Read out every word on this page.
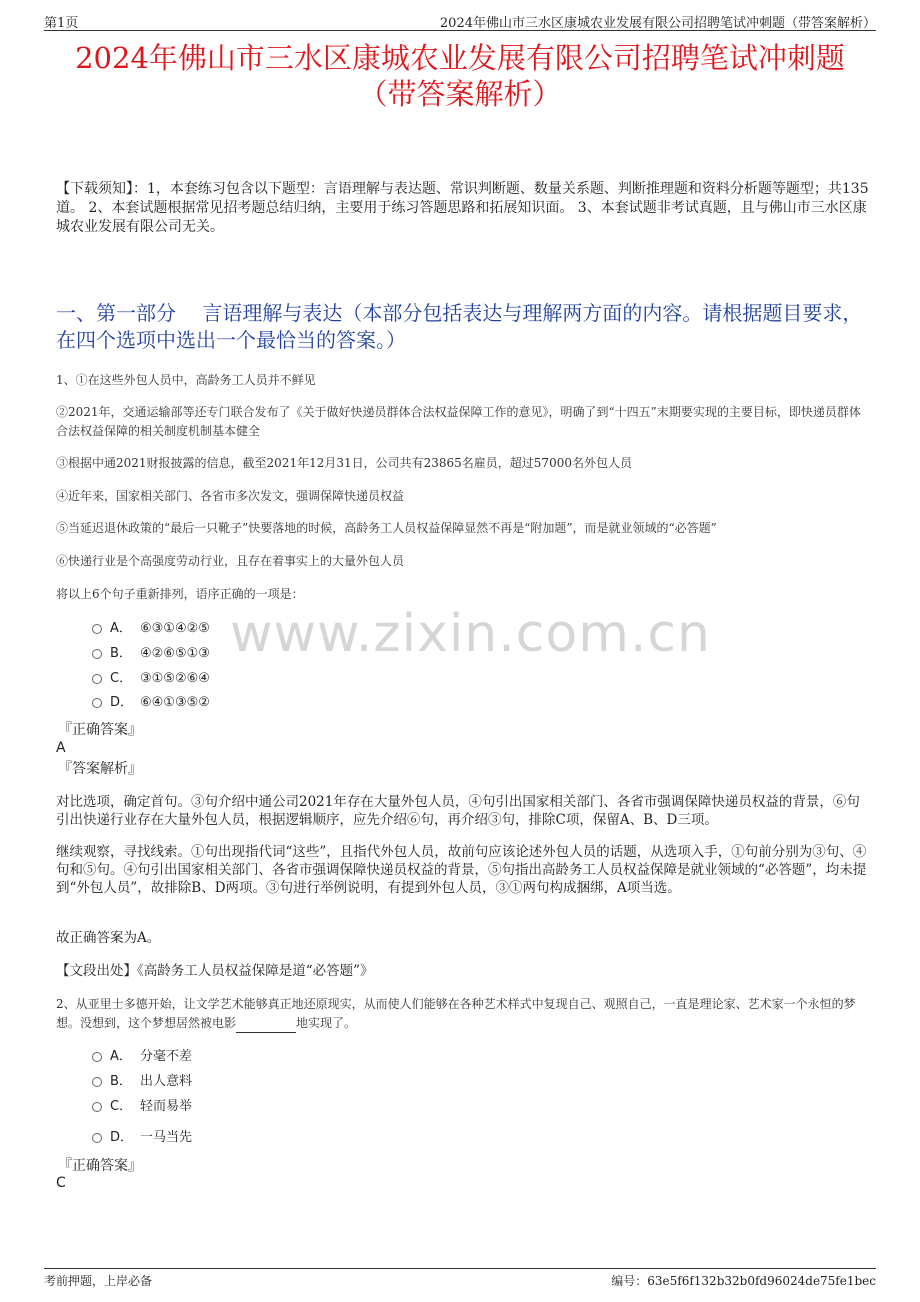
第1页	2024年佛山市三水区康城农业发展有限公司招聘笔试冲刺题（带答案解析）
2024年佛山市三水区康城农业发展有限公司招聘笔试冲刺题
（带答案解析）
【下载须知】：1，本套练习包含以下题型：言语理解与表达题、常识判断题、数量关系题、判断推理题和资料分析题等题型；共135道。 2、本套试题根据常见招考题总结归纳，主要用于练习答题思路和拓展知识面。 3、本套试题非考试真题，且与佛山市三水区康城农业发展有限公司无关。
一、第一部分　 言语理解与表达（本部分包括表达与理解两方面的内容。请根据题目要求，在四个选项中选出一个最恰当的答案。）
1、①在这些外包人员中，高龄务工人员并不鲜见
②2021年，交通运输部等还专门联合发布了《关于做好快递员群体合法权益保障工作的意见》，明确了到“十四五”末期要实现的主要目标，即快递员群体合法权益保障的相关制度机制基本健全
③根据中通2021财报披露的信息，截至2021年12月31日，公司共有23865名雇员，超过57000名外包人员
④近年来，国家相关部门、各省市多次发文，强调保障快递员权益
⑤当延迟退休政策的“最后一只靴子”快要落地的时候，高龄务工人员权益保障显然不再是“附加题”，而是就业领域的“必答题”
⑥快递行业是个高强度劳动行业，且存在着事实上的大量外包人员
将以上6个句子重新排列，语序正确的一项是：
www.zixin.com.cn
A． ⑥③①④②⑤
B． ④②⑥⑤①③
C． ③①⑤②⑥④
D． ⑥④①③⑤②
『正确答案』
A
『答案解析』
对比选项，确定首句。③句介绍中通公司2021年存在大量外包人员，④句引出国家相关部门、各省市强调保障快递员权益的背景，⑥句引出快递行业存在大量外包人员，根据逻辑顺序，应先介绍⑥句，再介绍③句，排除C项，保留A、B、D三项。
继续观察，寻找线索。①句出现指代词“这些”，且指代外包人员，故前句应该论述外包人员的话题，从选项入手，①句前分别为③句、④句和⑤句。④句引出国家相关部门、各省市强调保障快递员权益的背景，⑤句指出高龄务工人员权益保障是就业领域的“必答题”，均未提到“外包人员”，故排除B、D两项。③句进行举例说明，有提到外包人员，③①两句构成捆绑，A项当选。
故正确答案为A。
【文段出处】《高龄务工人员权益保障是道“必答题”》
2、从亚里士多德开始，让文学艺术能够真正地还原现实，从而使人们能够在各种艺术样式中复现自己、观照自己，一直是理论家、艺术家一个永恒的梦想。没想到，这个梦想居然被电影	地实现了。
A． 分毫不差
B． 出人意料
C． 轻而易举
D． 一马当先
『正确答案』
C
考前押题，上岸必备	编号：63e5f6f132b32b0fd96024de75fe1bec
